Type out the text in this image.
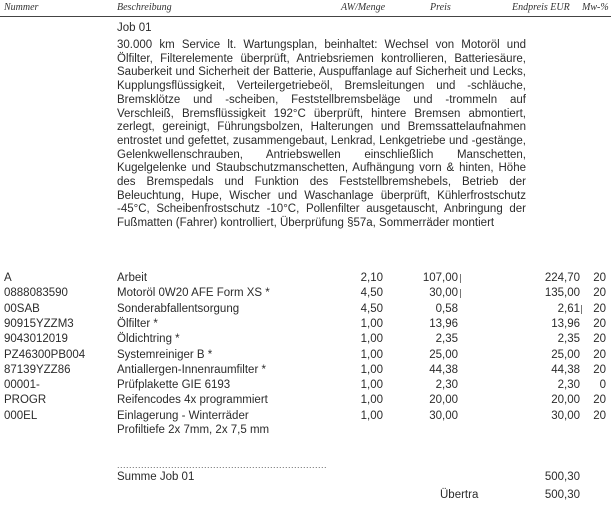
Nummer	Beschreibung	AW/Menge	Preis	Endpreis EUR Mw-%
Job 01
30.000 km Service lt. Wartungsplan, beinhaltet: Wechsel von Motoröl und Ölfilter, Filterelemente überprüft, Antriebsriemen kontrollieren, Batteriesäure, Sauberkeit und Sicherheit der Batterie, Auspuffanlage auf Sicherheit und Lecks, Kupplungsflüssigkeit, Verteilergetriebeöl, Bremsleitungen und -schläuche, Bremsklötze und -scheiben, Feststellbremsbeläge und -trommeln auf Verschleiß, Bremsflüssigkeit 192°C überprüft, hintere Bremsen abmontiert, zerlegt, gereinigt, Führungsbolzen, Halterungen und Bremssattelaufnahmen entrostet und gefettet, zusammengebaut, Lenkrad, Lenkgetriebe und -gestänge, Gelenkwellenschrauben, Antriebswellen einschließlich Manschetten, Kugelgelenke und Staubschutzmanschetten, Aufhängung vorn & hinten, Höhe des Bremspedals und Funktion des Feststellbremshebels, Betrieb der Beleuchtung, Hupe, Wischer und Waschanlage überprüft, Kühlerfrostschutz -45°C, Scheibenfrostschutz -10°C, Pollenfilter ausgetauscht, Anbringung der Fußmatten (Fahrer) kontrolliert, Überprüfung §57a, Sommerräder montiert
A	Arbeit	2,10	107,00	224,70	20
0888083590	Motoröl 0W20 AFE Form XS *	4,50	30,00	135,00	20
00SAB	Sonderabfallentsorgung	4,50	0,58	2,61	20
90915YZZM3	Ölfilter *	1,00	13,96	13,96	20
9043012019	Öldichtring *	1,00	2,35	2,35	20
PZ46300PB004	Systemreiniger B *	1,00	25,00	25,00	20
87139YZZ86	Antiallergen-Innenraumfilter *	1,00	44,38	44,38	20
00001-	Prüfplakette GIE 6193	1,00	2,30	2,30	0
PROGR	Reifencodes 4x programmiert	1,00	20,00	20,00	20
000EL	Einlagerung - Winterräder	1,00	30,00	30,00	20
Profiltiefe 2x 7mm, 2x 7,5 mm
......................................................................
Summe Job 01	500,30
Übertra	500,30
